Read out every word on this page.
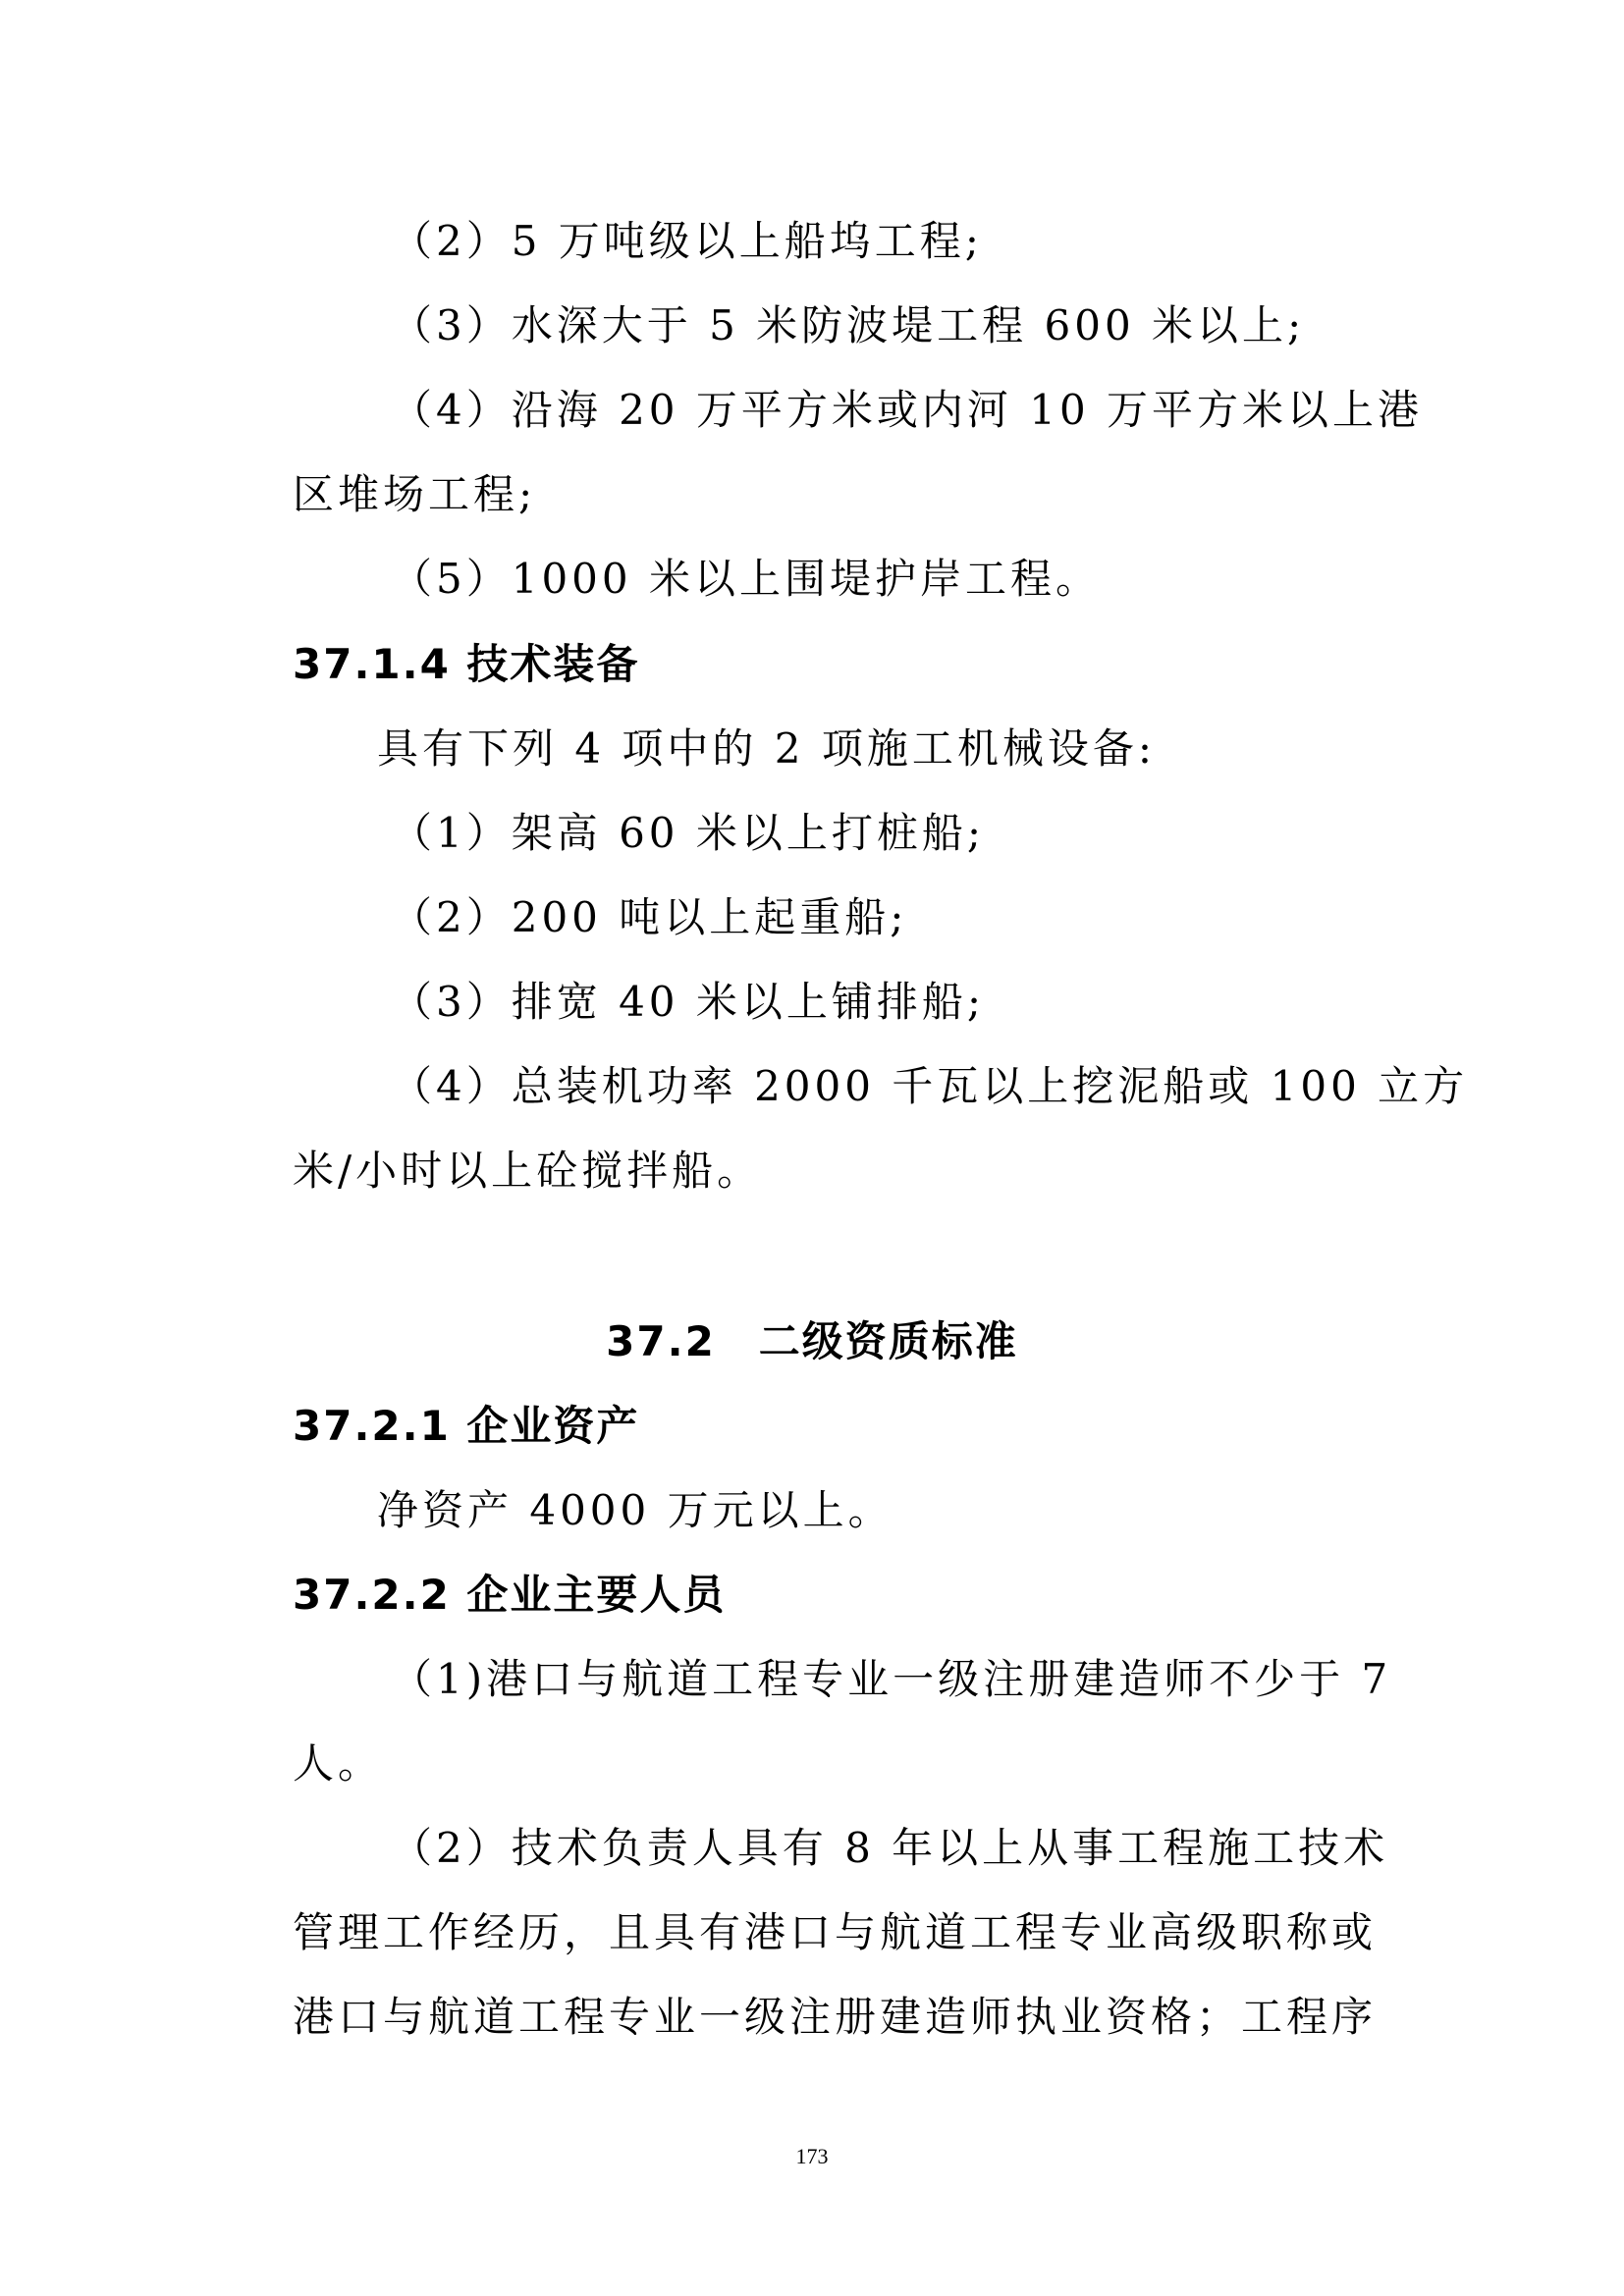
（2）5 万吨级以上船坞工程;
（3）水深大于 5 米防波堤工程 600 米以上;
（4）沿海 20 万平方米或内河 10 万平方米以上港
区堆场工程;
（5）1000 米以上围堤护岸工程。
37.1.4 技术装备
具有下列 4 项中的 2 项施工机械设备:
（1）架高 60 米以上打桩船;
（2）200 吨以上起重船;
（3）排宽 40 米以上铺排船;
（4）总装机功率 2000 千瓦以上挖泥船或 100 立方
米/小时以上砼搅拌船。
37.2　二级资质标准
37.2.1 企业资产
净资产 4000 万元以上。
37.2.2 企业主要人员
（1)港口与航道工程专业一级注册建造师不少于 7
人。
（2）技术负责人具有 8 年以上从事工程施工技术
管理工作经历，且具有港口与航道工程专业高级职称或
港口与航道工程专业一级注册建造师执业资格；工程序
173
